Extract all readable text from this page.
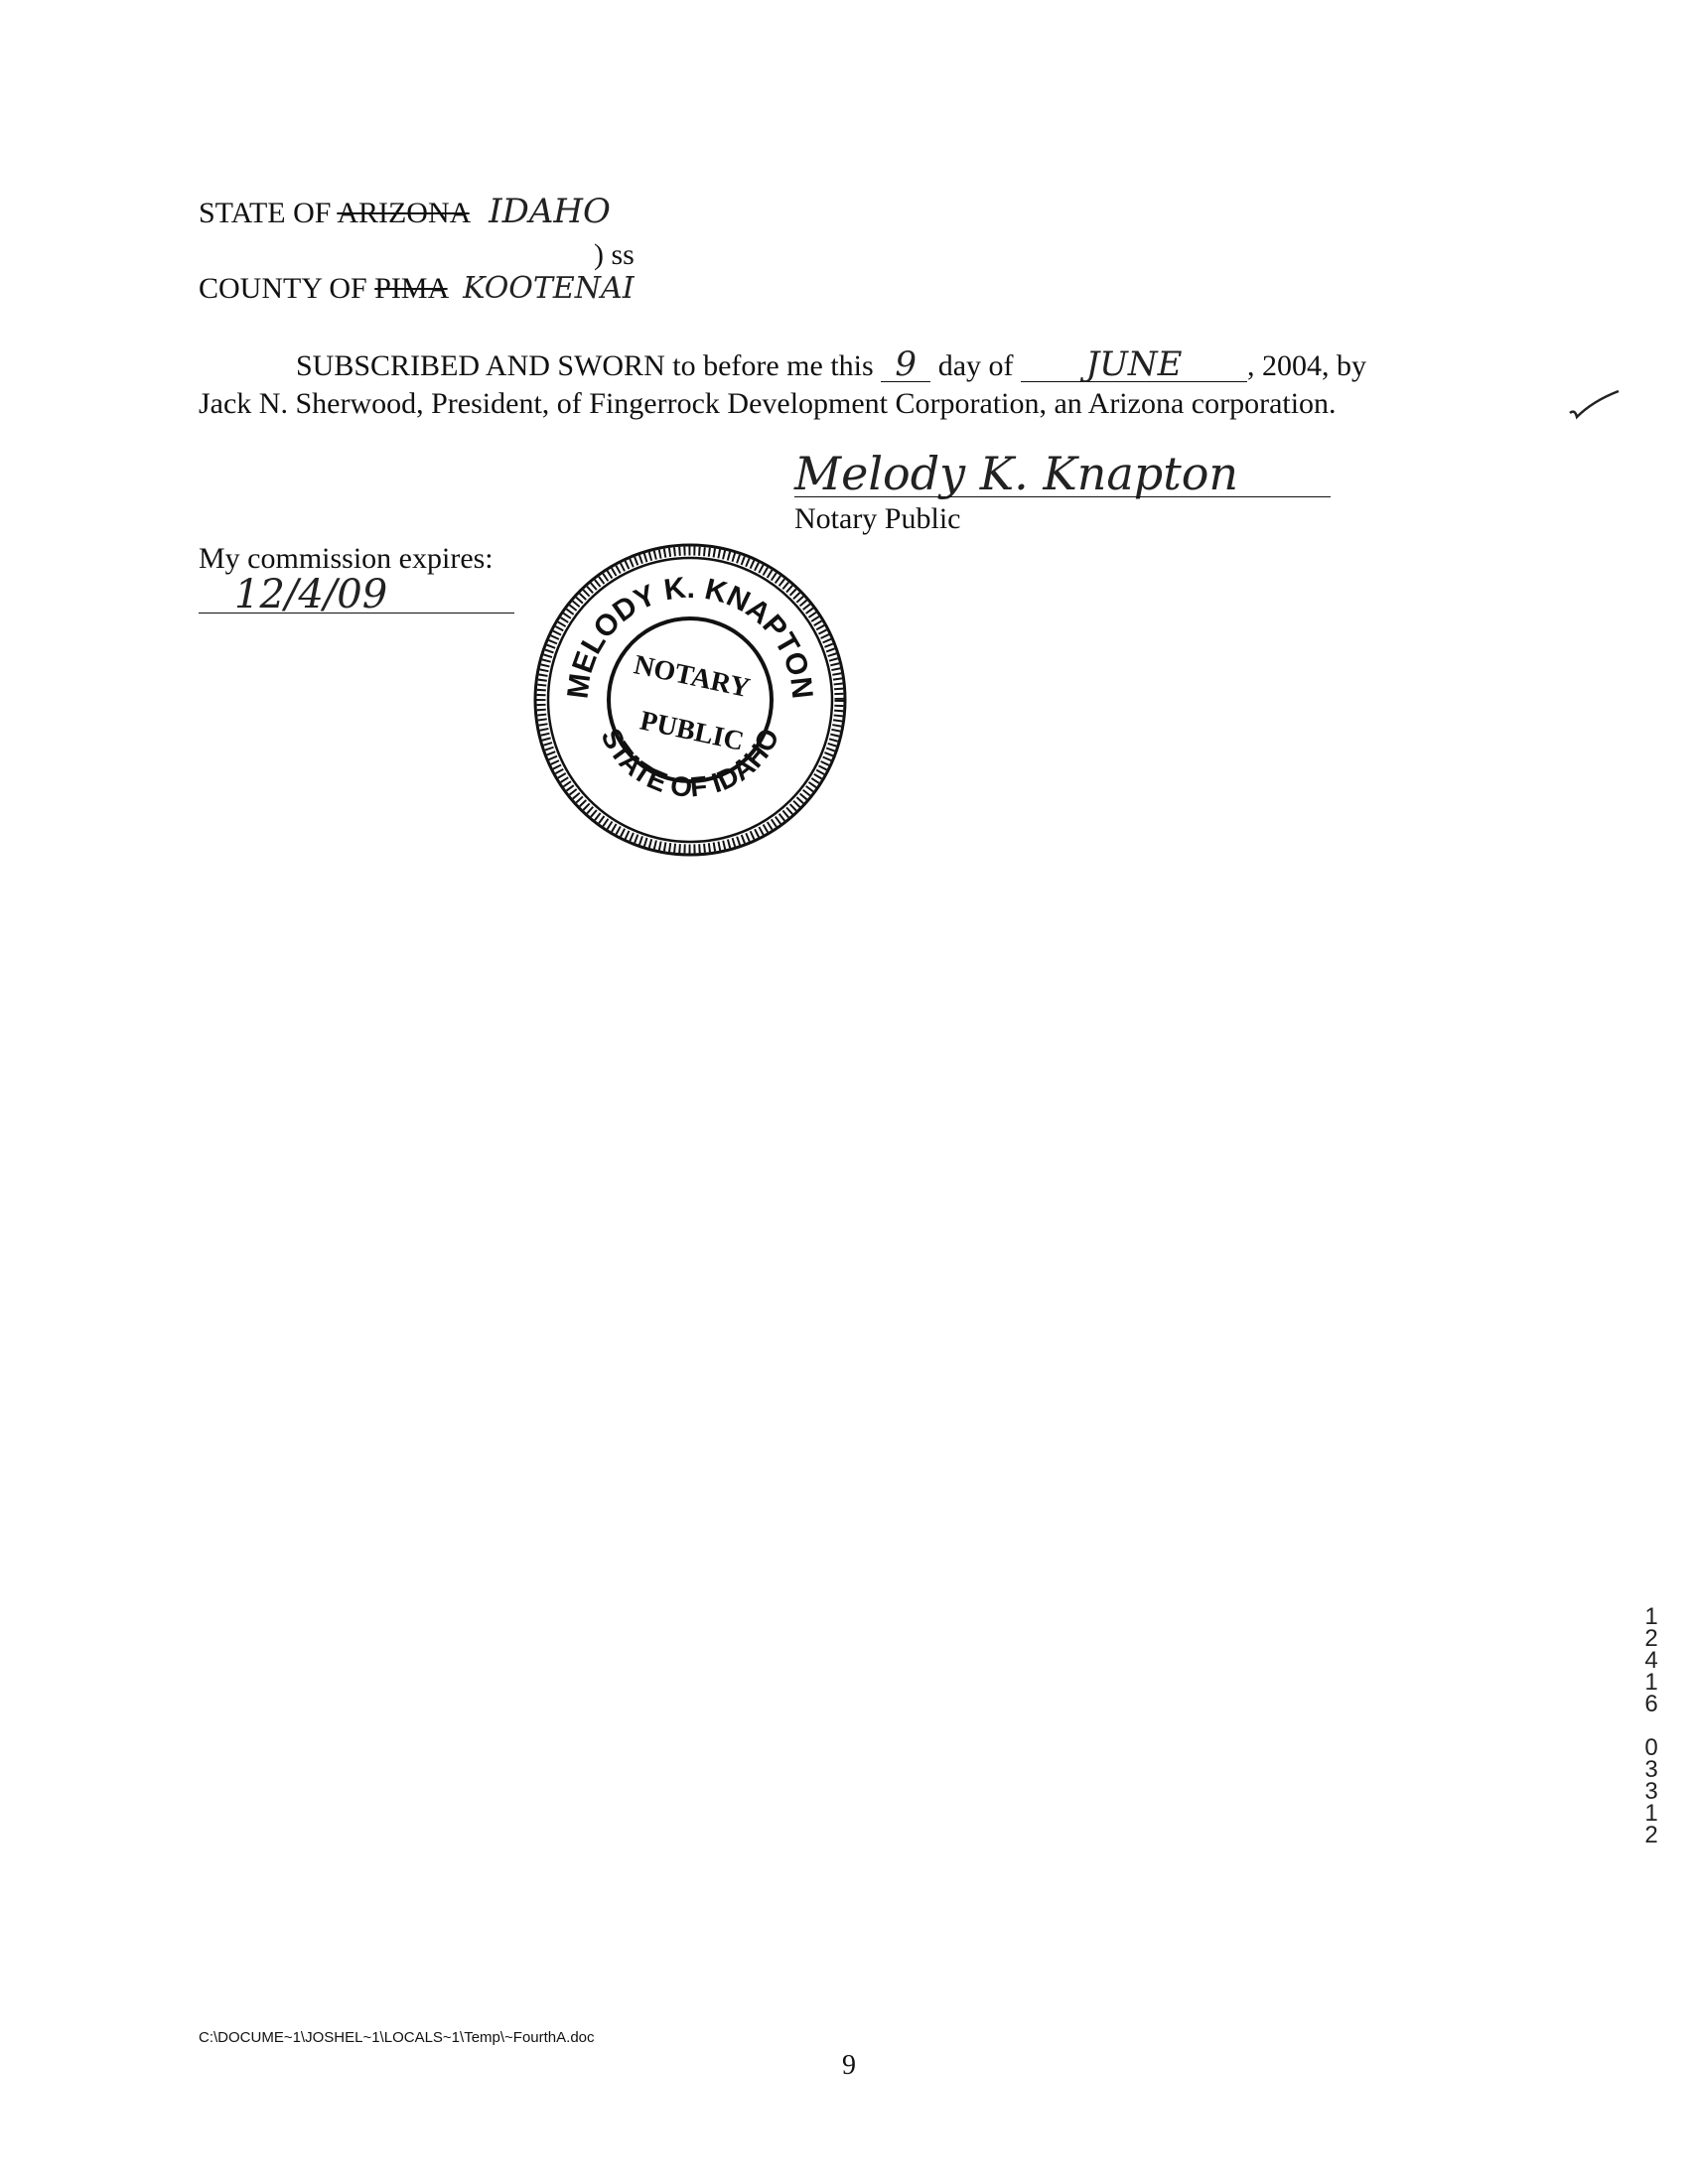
STATE OF ARIZONA IDAHO
) ss
COUNTY OF PIMA KOOTENAI
SUBSCRIBED AND SWORN to before me this 9 day of JUNE , 2004, by
Jack N. Sherwood, President, of Fingerrock Development Corporation, an Arizona corporation.
Melody K. Knapton
Notary Public
My commission expires:
12/4/09
MELODY K. KNAPTON
STATE OF IDAHO
NOTARY
PUBLIC
1
2
4
1
6
0
3
3
1
2
C:\DOCUME~1\JOSHEL~1\LOCALS~1\Temp\~FourthA.doc
9
